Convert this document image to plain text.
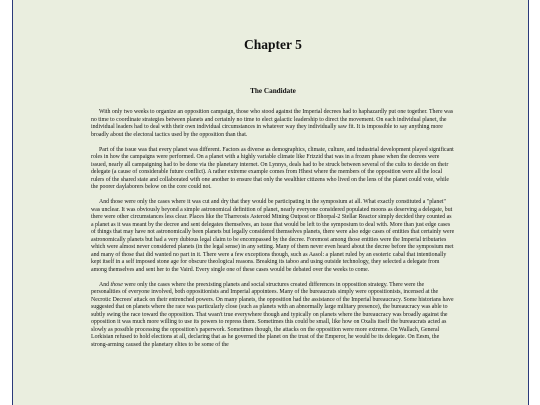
Chapter 5
The Candidate

With only two weeks to organize an opposition campaign, those who stood against the Imperial decrees had to haphazardly put one together. There was no time to coordinate strategies between planets and certainly no time to elect galactic leadership to direct the movement. On each individual planet, the individual leaders had to deal with their own individual circumstances in whatever way they individually saw fit. It is impossible to say anything more broadly about the electoral tactics used by the opposition than that.

Part of the issue was that every planet was different. Factors as diverse as demographics, climate, culture, and industrial development played significant roles in how the campaigns were performed. On a planet with a highly variable climate like Frizzid that was in a frozen phase when the decrees were issued, nearly all campaigning had to be done via the planetary internet. On Lynnys, deals had to be struck between several of the cults to decide on their delegate (a cause of considerable future conflict). A rather extreme example comes from Hhest where the members of the opposition were all the local rulers of the shared state and collaborated with one another to ensure that only the wealthier citizens who lived on the lens of the planet could vote, while the poorer daylaborers below on the core could not.

And those were only the cases where it was cut and dry that they would be participating in the symposium at all. What exactly constituted a "planet" was unclear. It was obviously beyond a simple astronomical definition of planet, nearly everyone considered populated moons as deserving a delegate, but there were other circumstances less clear. Places like the Tharreosis Asteroid Mining Outpost or Bhorpal-2 Stellar Reactor simply decided they counted as a planet as it was meant by the decree and sent delegates themselves, an issue that would be left to the symposium to deal with. More than just edge cases of things that may have not astronomically been planets but legally considered themselves planets, there were also edge cases of entities that certainly were astronomically planets but had a very dubious legal claim to be encompassed by the decree. Foremost among those entities were the Imperial tributaries which were almost never considered planets (in the legal sense) in any setting. Many of them never even heard about the decree before the symposium met and many of those that did wanted no part in it. There were a few exceptions though, such as Aasol: a planet ruled by an esoteric cabal that intentionally kept itself in a self imposed stone age for obscure theological reasons. Breaking its taboo and using outside technology, they selected a delegate from among themselves and sent her to the Vaird. Every single one of these cases would be debated over the weeks to come.

And those were only the cases where the preexisting planets and social structures created differences in opposition strategy. There were the personalities of everyone involved, both oppositionists and Imperial appointees. Many of the bureaucrats simply were oppositionists, incensed at the Necrotic Decrees' attack on their entrenched powers. On many planets, the opposition had the assistance of the Imperial bureaucracy. Some historians have suggested that on planets where the race was particularly close (such as planets with an abnormally large military presence), the bureaucracy was able to subtly swing the race toward the opposition. That wasn't true everywhere though and typically on planets where the bureaucracy was broadly against the opposition it was much more willing to use its powers to repress them. Sometimes this could be small, like how on Oxalis itself the bureaucrats acted as slowly as possible processing the opposition's paperwork. Sometimes though, the attacks on the opposition were more extreme. On Wallach, General Lorkisian refused to hold elections at all, declaring that as he governed the planet on the trust of the Emperor, he would be its delegate. On Eesm, the strong-arming caused the planetary elites to be some of the
